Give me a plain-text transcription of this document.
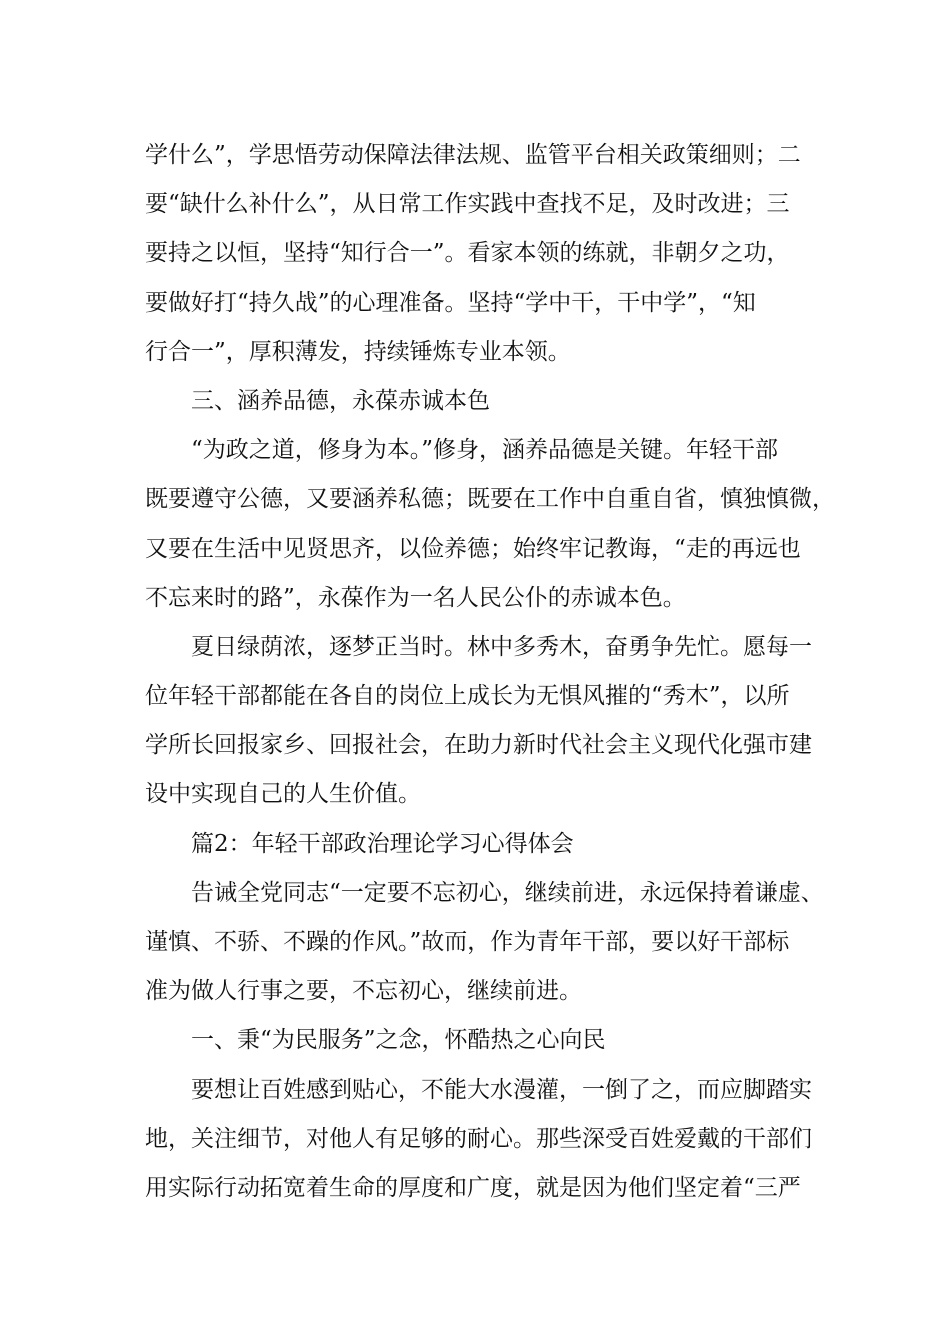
学什么”，学思悟劳动保障法律法规、监管平台相关政策细则；二
要“缺什么补什么”，从日常工作实践中查找不足，及时改进；三
要持之以恒，坚持“知行合一”。看家本领的练就，非朝夕之功，
要做好打“持久战”的心理准备。坚持“学中干，干中学”，“知
行合一”，厚积薄发，持续锤炼专业本领。
三、涵养品德，永葆赤诚本色
“为政之道，修身为本。”修身，涵养品德是关键。年轻干部
既要遵守公德，又要涵养私德；既要在工作中自重自省，慎独慎微，
又要在生活中见贤思齐，以俭养德；始终牢记教诲，“走的再远也
不忘来时的路”，永葆作为一名人民公仆的赤诚本色。
夏日绿荫浓，逐梦正当时。林中多秀木，奋勇争先忙。愿每一
位年轻干部都能在各自的岗位上成长为无惧风摧的“秀木”，以所
学所长回报家乡、回报社会，在助力新时代社会主义现代化强市建
设中实现自己的人生价值。
篇2：年轻干部政治理论学习心得体会
告诫全党同志“一定要不忘初心，继续前进，永远保持着谦虚、
谨慎、不骄、不躁的作风。”故而，作为青年干部，要以好干部标
准为做人行事之要，不忘初心，继续前进。
一、秉“为民服务”之念，怀酷热之心向民
要想让百姓感到贴心，不能大水漫灌，一倒了之，而应脚踏实
地，关注细节，对他人有足够的耐心。那些深受百姓爱戴的干部们
用实际行动拓宽着生命的厚度和广度，就是因为他们坚定着“三严
